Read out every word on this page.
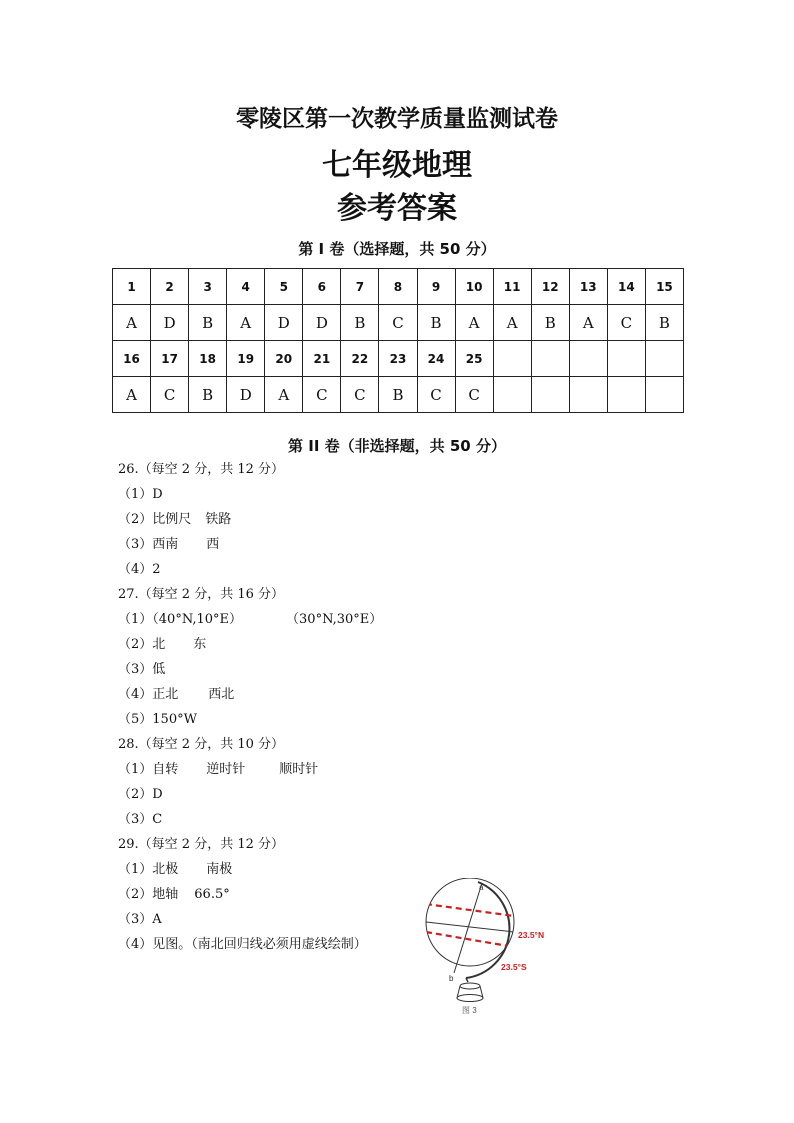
零陵区第一次教学质量监测试卷
七年级地理
参考答案
第 I 卷（选择题，共 50 分）
1	2	3	4	5	6	7	8	9	10	11	12	13	14	15
A	D	B	A	D	D	B	C	B	A	A	B	A	C	B
16	17	18	19	20	21	22	23	24	25					
A	C	B	D	A	C	C	B	C	C					
第 II 卷（非选择题，共 50 分）
26.（每空 2 分，共 12 分）
（1）D
（2）比例尺 铁路
（3）西南 西
（4）2
27.（每空 2 分，共 16 分）
（1）（40°N,10°E）	（30°N,30°E）
（2）北 东
（3）低
（4）正北 西北
（5）150°W
28.（每空 2 分，共 10 分）
（1）自转 逆时针	顺时针
（2）D
（3）C
29.（每空 2 分，共 12 分）
（1）北极 南极
（2）地轴 66.5°
（3）A
（4）见图。（南北回归线必须用虚线绘制）
a
b
23.5°N
23.5°S
图 3
